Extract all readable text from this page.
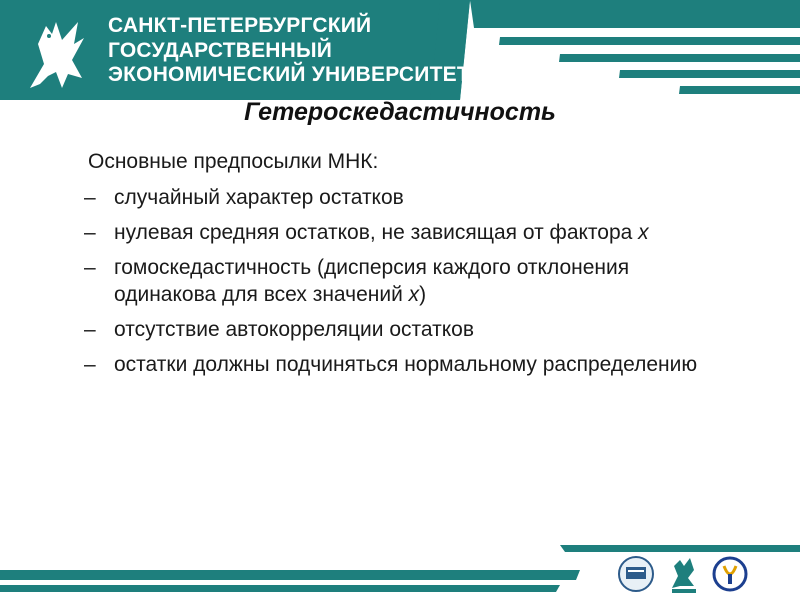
САНКТ-ПЕТЕРБУРГСКИЙ
ГОСУДАРСТВЕННЫЙ
ЭКОНОМИЧЕСКИЙ УНИВЕРСИТЕТ
Гетероскедастичность
Основные предпосылки МНК:
– случайный характер остатков
– нулевая средняя остатков, не зависящая от фактора x
– гомоскедастичность (дисперсия каждого отклонения одинакова для всех значений x)
– отсутствие автокорреляции остатков
– остатки должны подчиняться нормальному распределению
